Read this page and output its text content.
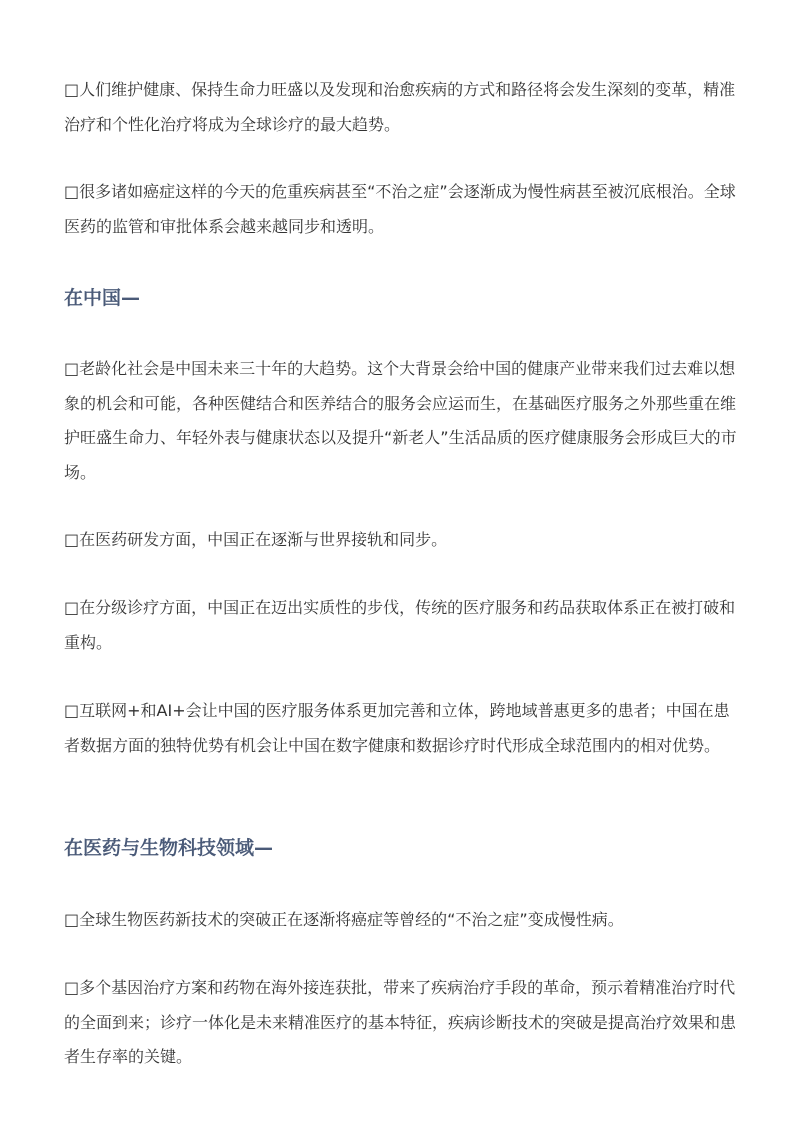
□人们维护健康、保持生命力旺盛以及发现和治愈疾病的方式和路径将会发生深刻的变革，精准治疗和个性化治疗将成为全球诊疗的最大趋势。

□很多诸如癌症这样的今天的危重疾病甚至“不治之症”会逐渐成为慢性病甚至被沉底根治。全球医药的监管和审批体系会越来越同步和透明。

在中国—

□老龄化社会是中国未来三十年的大趋势。这个大背景会给中国的健康产业带来我们过去难以想象的机会和可能，各种医健结合和医养结合的服务会应运而生，在基础医疗服务之外那些重在维护旺盛生命力、年轻外表与健康状态以及提升“新老人”生活品质的医疗健康服务会形成巨大的市场。

□在医药研发方面，中国正在逐渐与世界接轨和同步。

□在分级诊疗方面，中国正在迈出实质性的步伐，传统的医疗服务和药品获取体系正在被打破和重构。

□互联网+和AI+会让中国的医疗服务体系更加完善和立体，跨地域普惠更多的患者；中国在患者数据方面的独特优势有机会让中国在数字健康和数据诊疗时代形成全球范围内的相对优势。

在医药与生物科技领域—

□全球生物医药新技术的突破正在逐渐将癌症等曾经的“不治之症”变成慢性病。

□多个基因治疗方案和药物在海外接连获批，带来了疾病治疗手段的革命，预示着精准治疗时代的全面到来；诊疗一体化是未来精准医疗的基本特征，疾病诊断技术的突破是提高治疗效果和患者生存率的关键。
